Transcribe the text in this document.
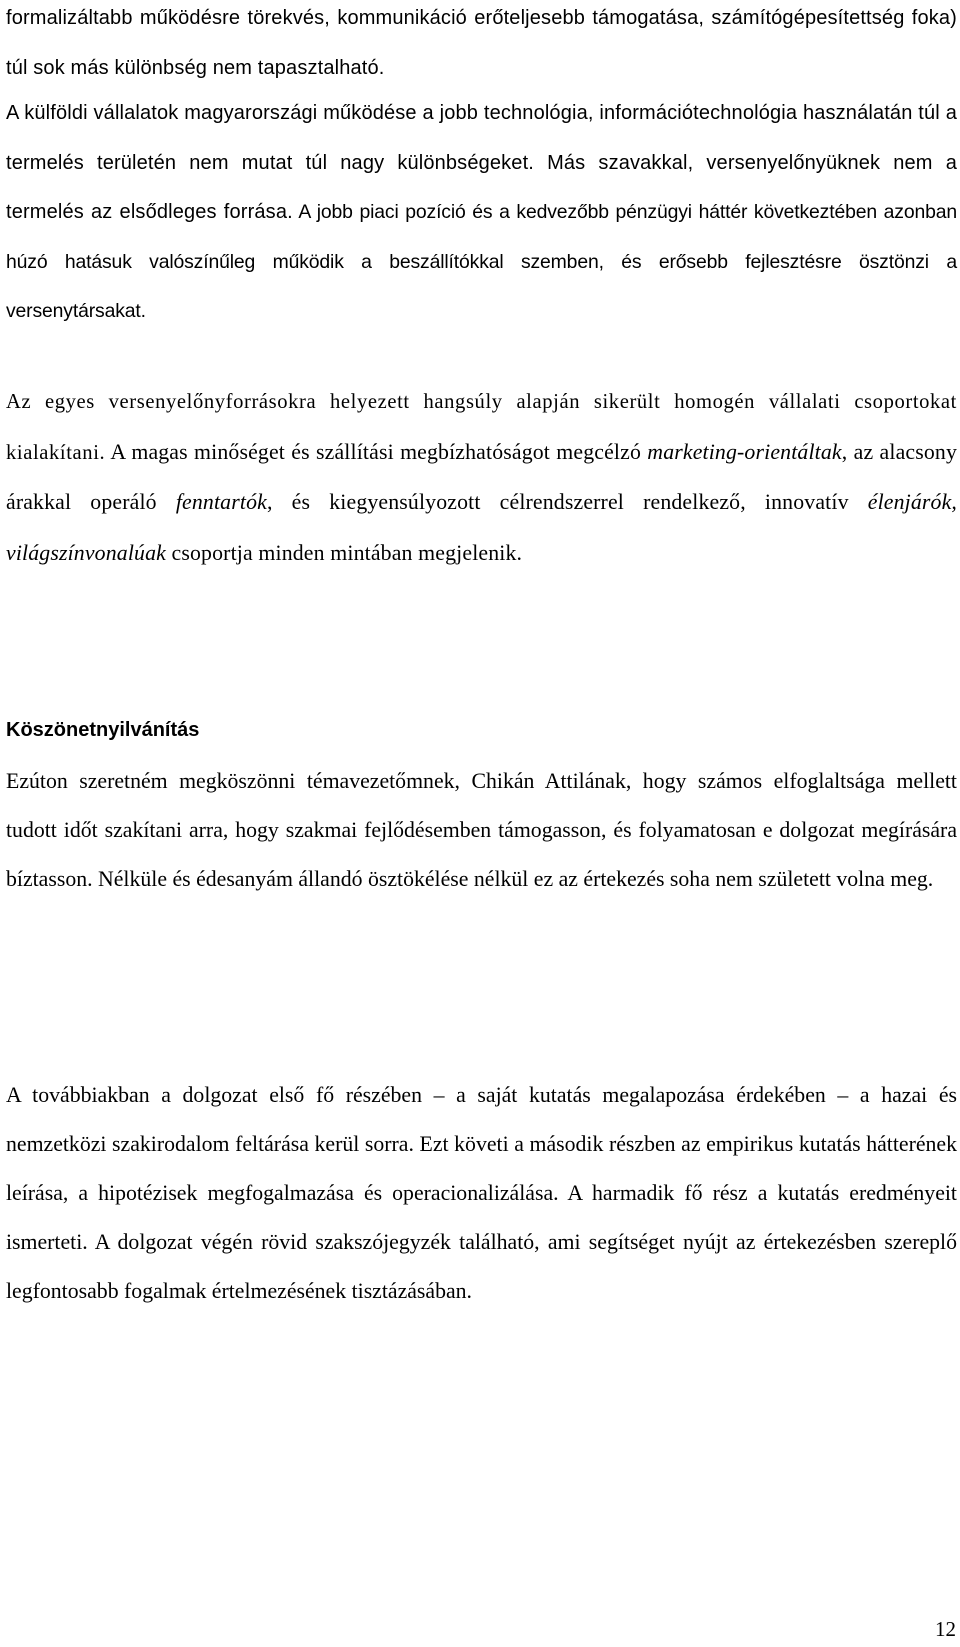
formalizáltabb működésre törekvés, kommunikáció erőteljesebb támogatása, számítógépesítettség foka) túl sok más különbség nem tapasztalható.

A külföldi vállalatok magyarországi működése a jobb technológia, információtechnológia használatán túl a termelés területén nem mutat túl nagy különbségeket. Más szavakkal, versenyelőnyüknek nem a termelés az elsődleges forrása. A jobb piaci pozíció és a kedvezőbb pénzügyi háttér következtében azonban húzó hatásuk valószínűleg működik a beszállítókkal szemben, és erősebb fejlesztésre ösztönzi a versenytársakat.

Az egyes versenyelőnyforrásokra helyezett hangsúly alapján sikerült homogén vállalati csoportokat kialakítani. A magas minőséget és szállítási megbízhatóságot megcélzó marketing-orientáltak, az alacsony árakkal operáló fenntartók, és kiegyensúlyozott célrendszerrel rendelkező, innovatív élenjárók, világszínvonalúak csoportja minden mintában megjelenik.

Köszönetnyilvánítás

Ezúton szeretném megköszönni témavezetőmnek, Chikán Attilának, hogy számos elfoglaltsága mellett tudott időt szakítani arra, hogy szakmai fejlődésemben támogasson, és folyamatosan e dolgozat megírására bíztasson. Nélküle és édesanyám állandó ösztökélése nélkül ez az értekezés soha nem született volna meg.

A továbbiakban a dolgozat első fő részében – a saját kutatás megalapozása érdekében – a hazai és nemzetközi szakirodalom feltárása kerül sorra. Ezt követi a második részben az empirikus kutatás hátterének leírása, a hipotézisek megfogalmazása és operacionalizálása. A harmadik fő rész a kutatás eredményeit ismerteti. A dolgozat végén rövid szakszójegyzék található, ami segítséget nyújt az értekezésben szereplő legfontosabb fogalmak értelmezésének tisztázásában.

12
